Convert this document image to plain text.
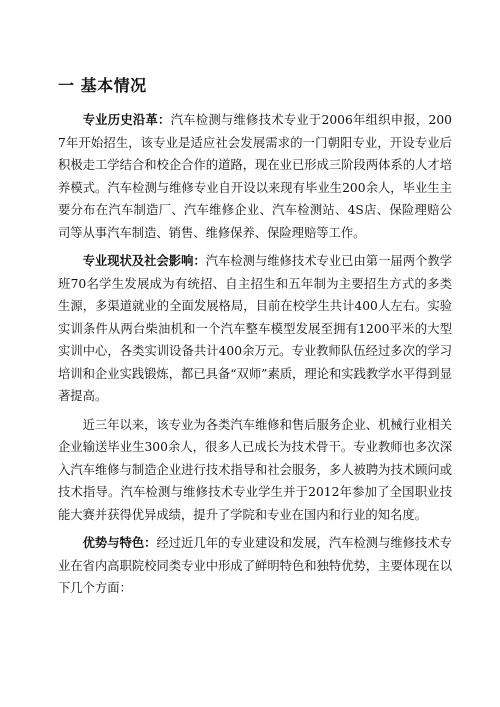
一 基本情况

专业历史沿革：汽车检测与维修技术专业于2006年组织申报，2007年开始招生，该专业是适应社会发展需求的一门朝阳专业，开设专业后积极走工学结合和校企合作的道路，现在业已形成三阶段两体系的人才培养模式。汽车检测与维修专业自开设以来现有毕业生200余人，毕业生主要分布在汽车制造厂、汽车维修企业、汽车检测站、4S店、保险理赔公司等从事汽车制造、销售、维修保养、保险理赔等工作。

专业现状及社会影响：汽车检测与维修技术专业已由第一届两个教学班70名学生发展成为有统招、自主招生和五年制为主要招生方式的多类生源，多渠道就业的全面发展格局，目前在校学生共计400人左右。实验实训条件从两台柴油机和一个汽车整车模型发展至拥有1200平米的大型实训中心，各类实训设备共计400余万元。专业教师队伍经过多次的学习培训和企业实践锻炼，都已具备“双师”素质，理论和实践教学水平得到显著提高。

近三年以来，该专业为各类汽车维修和售后服务企业、机械行业相关企业输送毕业生300余人，很多人已成长为技术骨干。专业教师也多次深入汽车维修与制造企业进行技术指导和社会服务，多人被聘为技术顾问或技术指导。汽车检测与维修技术专业学生并于2012年参加了全国职业技能大赛并获得优异成绩，提升了学院和专业在国内和行业的知名度。

优势与特色：经过近几年的专业建设和发展，汽车检测与维修技术专业在省内高职院校同类专业中形成了鲜明特色和独特优势，主要体现在以下几个方面：
